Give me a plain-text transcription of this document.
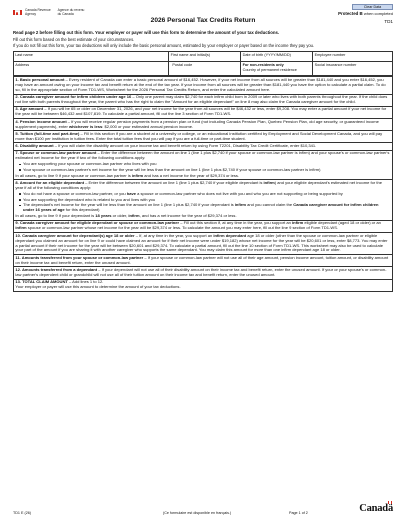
Canada Revenue
Agency Agence du revenu
du Canada
Clear Data
Protected B when completed
2026 Personal Tax Credits Return	TD1

Read page 2 before filling out this form. Your employer or payer will use this form to determine the amount of your tax deductions.

Fill out this form based on the best estimate of your circumstances.

If you do not fill out this form, your tax deductions will only include the basic personal amount, estimated by your employer or payer based on the income they pay you.

Last name	First name and initial(s)	Date of birth (YYYY/MM/DD)	Employee number

Address	Postal code	For non-residents only
Country of permanent residence	Social insurance number

1. Basic personal amount – Every resident of Canada can enter a basic personal amount of $16,452. However, if your net income from all sources will be greater than $181,440 and you enter $16,452, you may have an amount owing on your income tax and benefit return at the end of the tax year. If your income from all sources will be greater than $181,440 you have the option to calculate a partial claim. To do so, fill in the appropriate section of Form TD1-WS, Worksheet for the 2026 Personal Tax Credits Return, and enter the calculated amount here.

2. Canada caregiver amount for infirm children under age 16 – Only one parent may claim $2,740 for each infirm child born in 2009 or later who lives with both parents throughout the year. If the child does not live with both parents throughout the year, the parent who has the right to claim the "Amount for an eligible dependant" on line 8 may also claim the Canada caregiver amount for the child.

3. Age amount – If you will be 65 or older on December 31, 2026, and your net income for the year from all sources will be $46,432 or less, enter $9,208. You may enter a partial amount if your net income for the year will be between $46,432 and $107,819. To calculate a partial amount, fill out the line 3 section of Form TD1-WS.

4. Pension income amount – If you will receive regular pension payments from a pension plan or fund (not including Canada Pension Plan, Quebec Pension Plan, old age security, or guaranteed income supplement payments), enter whichever is less: $2,000 or your estimated annual pension income.

5. Tuition (full-time and part-time) – Fill in this section if you are a student at a university or college, or an educational institution certified by Employment and Social Development Canada, and you will pay more than $100 per institution in tuition fees. Enter the total tuition fees that you will pay if you are a full-time or part-time student.

6. Disability amount – If you will claim the disability amount on your income tax and benefit return by using Form T2201, Disability Tax Credit Certificate, enter $10,341.

7. Spouse or common-law partner amount – Enter the difference between the amount on line 1 (line 1 plus $2,740 if your spouse or common-law partner is infirm) and your spouse's or common-law partner's estimated net income for the year if two of the following conditions apply:

You are supporting your spouse or common-law partner who lives with you
Your spouse or common-law partner's net income for the year will be less than the amount on line 1 (line 1 plus $2,740 if your spouse or common-law partner is infirm)

In all cases, go to line 9 if your spouse or common-law partner is infirm and has a net income for the year of $29,374 or less.

8. Amount for an eligible dependant – Enter the difference between the amount on line 1 (line 1 plus $2,740 if your eligible dependant is infirm) and your eligible dependant's estimated net income for the year if all of the following conditions apply:

You do not have a spouse or common-law partner, or you have a spouse or common-law partner who does not live with you and who you are not supporting or being supported by
You are supporting the dependant who is related to you and lives with you
The dependant's net income for the year will be less than the amount on line 1 (line 1 plus $2,740 if your dependant is infirm and you cannot claim the Canada caregiver amount for infirm children under 16 years of age for this dependant)

In all cases, go to line 9 if your dependant is 18 years or older, infirm, and has a net income for the year of $29,374 or less.

9. Canada caregiver amount for eligible dependant or spouse or common-law partner – Fill out this section if, at any time in the year, you support an infirm eligible dependant (aged 18 or older) or an infirm spouse or common-law partner whose net income for the year will be $29,374 or less. To calculate the amount you may enter here, fill out the line 9 section of Form TD1-WS.

10. Canada caregiver amount for dependant(s) age 18 or older – If, at any time in the year, you support an infirm dependant age 18 or older (other than the spouse or common-law partner or eligible dependant you claimed an amount for on line 9 or could have claimed an amount for if their net income were under $19,182) whose net income for the year will be $20,601 or less, enter $8,773. You may enter a partial amount if their net income for the year will be between $20,601 and $29,374. To calculate a partial amount, fill out the line 10 section of Form TD1-WS. This worksheet may also be used to calculate your part of the amount if you are sharing it with another caregiver who supports the same dependant. You may claim this amount for more than one infirm dependant age 18 or older.

11. Amounts transferred from your spouse or common-law partner – If your spouse or common-law partner will not use all of their age amount, pension income amount, tuition amount, or disability amount on their income tax and benefit return, enter the unused amount.

12. Amounts transferred from a dependant – If your dependant will not use all of their disability amount on their income tax and benefit return, enter the unused amount. If your or your spouse's or common-law partner's dependent child or grandchild will not use all of their tuition amount on their income tax and benefit return, enter the unused amount.

13. TOTAL CLAIM AMOUNT – Add lines 1 to 12.

Your employer or payer will use this amount to determine the amount of your tax deductions.

TD1 E (26)	(Ce formulaire est disponible en français.)	Page 1 of 2	Canadä
